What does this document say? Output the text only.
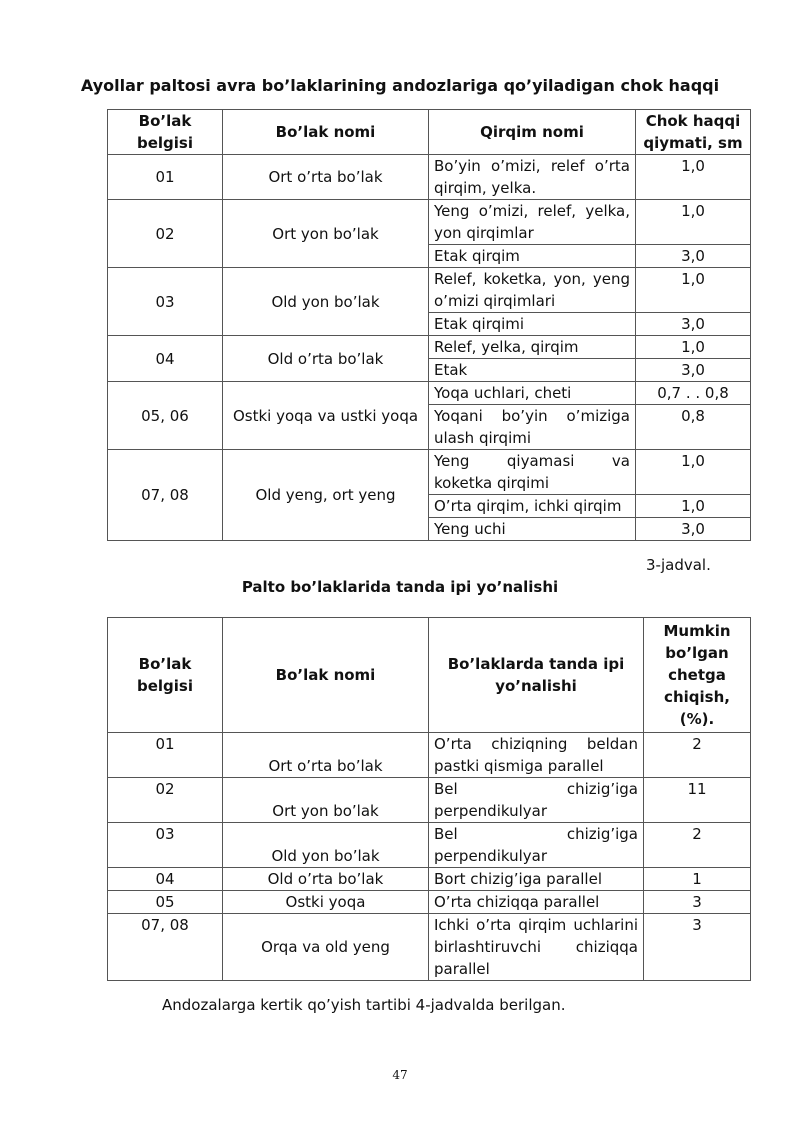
Ayollar paltosi avra bo’laklarining andozlariga qo’yiladigan chok haqqi
Bo’lak
belgisi	Bo’lak nomi	Qirqim nomi	Chok haqqi
qiymati, sm
01	Ort o’rta bo’lak	Bo’yin o’mizi, relef o’rta
qirqim, yelka.	1,0
02	Ort yon bo’lak	Yeng o’mizi, relef, yelka,
yon qirqimlar	1,0
		Etak qirqim	3,0
03	Old yon bo’lak	Relef, koketka, yon, yeng
o’mizi qirqimlari	1,0
		Etak qirqimi	3,0
04	Old o’rta bo’lak	Relef, yelka, qirqim	1,0
		Etak	3,0
05, 06	Ostki yoqa va ustki yoqa	Yoqa uchlari, cheti	0,7 . . 0,8

		Yoqani bo’yin o’miziga
ulash qirqimi	0,8
07, 08	Old yeng, ort yeng	Yeng qiyamasi va
koketka qirqimi	1,0
		O’rta qirqim, ichki qirqim	1,0
		Yeng uchi	3,0
3-jadval.
Palto bo’laklarida tanda ipi yo’nalishi
Bo’lak
belgisi	Bo’lak nomi	Bo’laklarda tanda ipi
yo’nalishi	Mumkin
bo’lgan
chetga
chiqish,
(%).
01	Ort o’rta bo’lak	O’rta chiziqning beldan
pastki qismiga parallel	2
02	Ort yon bo’lak	Bel chizig’iga
perpendikulyar	11
03	Old yon bo’lak	Bel chizig’iga
perpendikulyar	2
04	Old o’rta bo’lak	Bort chizig’iga parallel	1
05	Ostki yoqa	O’rta chiziqqa parallel	3
07, 08	Orqa va old yeng	Ichki o’rta qirqim uchlarini
birlashtiruvchi chiziqqa
parallel	3
Andozalarga kertik qo’yish tartibi 4-jadvalda berilgan.
47
